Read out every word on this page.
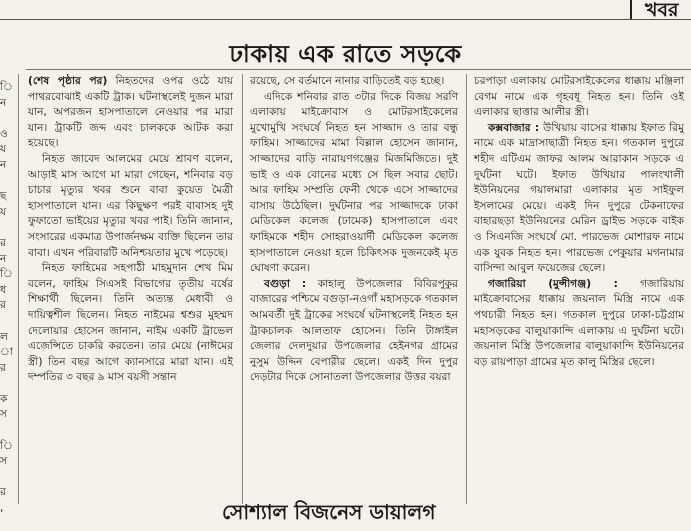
খবর
ঢাকায় এক রাতে সড়কে
ি
ন

ও
য
ন

ছ
য

র
ন
ি
ধ
র

ল
া
র

ক
স

ি
স

র
,

(শেষ পৃষ্ঠার পর) নিহতদের ওপর ওঠে যায় পাথরবোঝাই একটি ট্রাক। ঘটনাস্থলেই দুজন মারা যান, অপরজন হাসপাতালে নেওয়ার পর মারা যান। ট্রাকটি জব্দ এবং চালককে আটক করা হয়েছে।

নিহত জাবেদ আলমের মেয়ে শ্রাবণ বলেন, আড়াই মাস আগে মা মারা গেছেন, শনিবার বড় চাচার মৃত্যুর খবর শুনে বাবা কুয়েত মৈত্রী হাসপাতালে যান। এর কিছুক্ষণ পরই বাবাসহ দুই ফুফাতো ভাইয়ের মৃত্যুর খবর পাই। তিনি জানান, সংসারের একমাত্র উপার্জনক্ষম ব্যক্তি ছিলেন তার বাবা। এখন পরিবারটি অনিশ্চয়তার মুখে পড়েছে।

নিহত ফাহিমের সহপাঠী মাহমুদান শেখ মিম বলেন, ফাহিম সিএসই বিভাগের তৃতীয় বর্ষের শিক্ষার্থী ছিলেন। তিনি অত্যন্ত মেধাবী ও দায়িত্বশীল ছিলেন। নিহত নাইমের শ্বশুর মুহম্মদ দেলোয়ার হোসেন জানান, নাইম একটি ট্রাভেল এজেন্সিতে চাকরি করতেন। তার মেয়ে (নাঈমের স্ত্রী) তিন বছর আগে ক্যানসারে মারা যান। এই দম্পতির ৩ বছর ৯ মাস বয়সী সন্তান

রয়েছে, সে বর্তমানে নানার বাড়িতেই বড় হচ্ছে।

এদিকে শনিবার রাত ৩টার দিকে বিজয় সরণি এলাকায় মাইক্রোবাস ও মোটরসাইকেলের মুখোমুখি সংঘর্ষে নিহত হন সাজ্জাদ ও তার বন্ধু ফাহিম। সাজ্জাদের মামা বিল্লাল হোসেন জানান, সাজ্জাদের বাড়ি নারায়ণগঞ্জের মিজমিজিতে। দুই ভাই ও এক বোনের মধ্যে সে ছিল সবার ছোট। আর ফাহিম সম্প্রতি ফেনী থেকে এসে সাজ্জাদের বাসায় উঠেছিল। দুর্ঘটনার পর সাজ্জাদকে ঢাকা মেডিকেল কলেজ (ঢামেক) হাসপাতালে এবং ফাহিমকে শহীদ সোহরাওয়ার্দী মেডিকেল কলেজ হাসপাতালে নেওয়া হলে চিকিৎসক দুজনকেই মৃত ঘোষণা করেন।

বগুড়া : কাহালু উপজেলার বিবিরপুকুর বাজারের পশ্চিমে বগুড়া-নওগাঁ মহাসড়কে গতকাল আমবর্তী দুই ট্রাকের সংঘর্ষে ঘটনাস্থলেই নিহত হন ট্রাকচালক আলতাফ হোসেন। তিনি টাঙ্গাইল জেলার দেলদুয়ার উপজেলার হেইনগর গ্রামের নুসুম উদ্দিন বেপারীর ছেলে। একই দিন দুপুর দেড়টার দিকে সোনাতলা উপজেলার উত্তর বয়রা

চরপাড়া এলাকায় মোটরসাইকেলের ধাক্কায় মঞ্জিলা বেগম নামে এক গৃহবধূ নিহত হন। তিনি ওই এলাকার ছাত্তার আলীর স্ত্রী।

কক্সবাজার : উখিয়ায় বাসের ধাক্কায় ইফাত রিমু নামে এক মাদ্রাসাছাত্রী নিহত হন। গতকাল দুপুরে শহীদ এটিএম জাফর আলম আরাকান সড়কে এ দুর্ঘটনা ঘটে। ইফাত উখিয়ার পালংখালী ইউনিয়নের গয়ালমারা এলাকার মৃত সাইফুল ইসলামের মেয়ে। একই দিন দুপুরে টেকনাফের বাহারছড়া ইউনিয়নের মেরিন ড্রাইভ সড়কে বাইক ও সিএনজি সংঘর্ষে মো. পারভেজ মোশারফ নামে এক যুবক নিহত হন। পারভেজ পেকুয়ার মগনামার বাসিন্দা আবুল ফয়েজের ছেলে।

গজারিয়া (মুন্সীগঞ্জ) : গজারিয়ায় মাইক্রোবাসের ধাক্কায় জয়নাল মিস্ত্রি নামে এক পথচারী নিহত হন। গতকাল দুপুরে ঢাকা-চট্টগ্রাম মহাসড়কের বালুয়াকান্দি এলাকায় এ দুর্ঘটনা ঘটে। জয়নাল মিস্ত্রি উপজেলার বালুয়াকান্দি ইউনিয়নের বড় রায়পাড়া গ্রামের মৃত কালু মিস্ত্রির ছেলে।

সোশ্যাল বিজনেস ডায়ালগ
